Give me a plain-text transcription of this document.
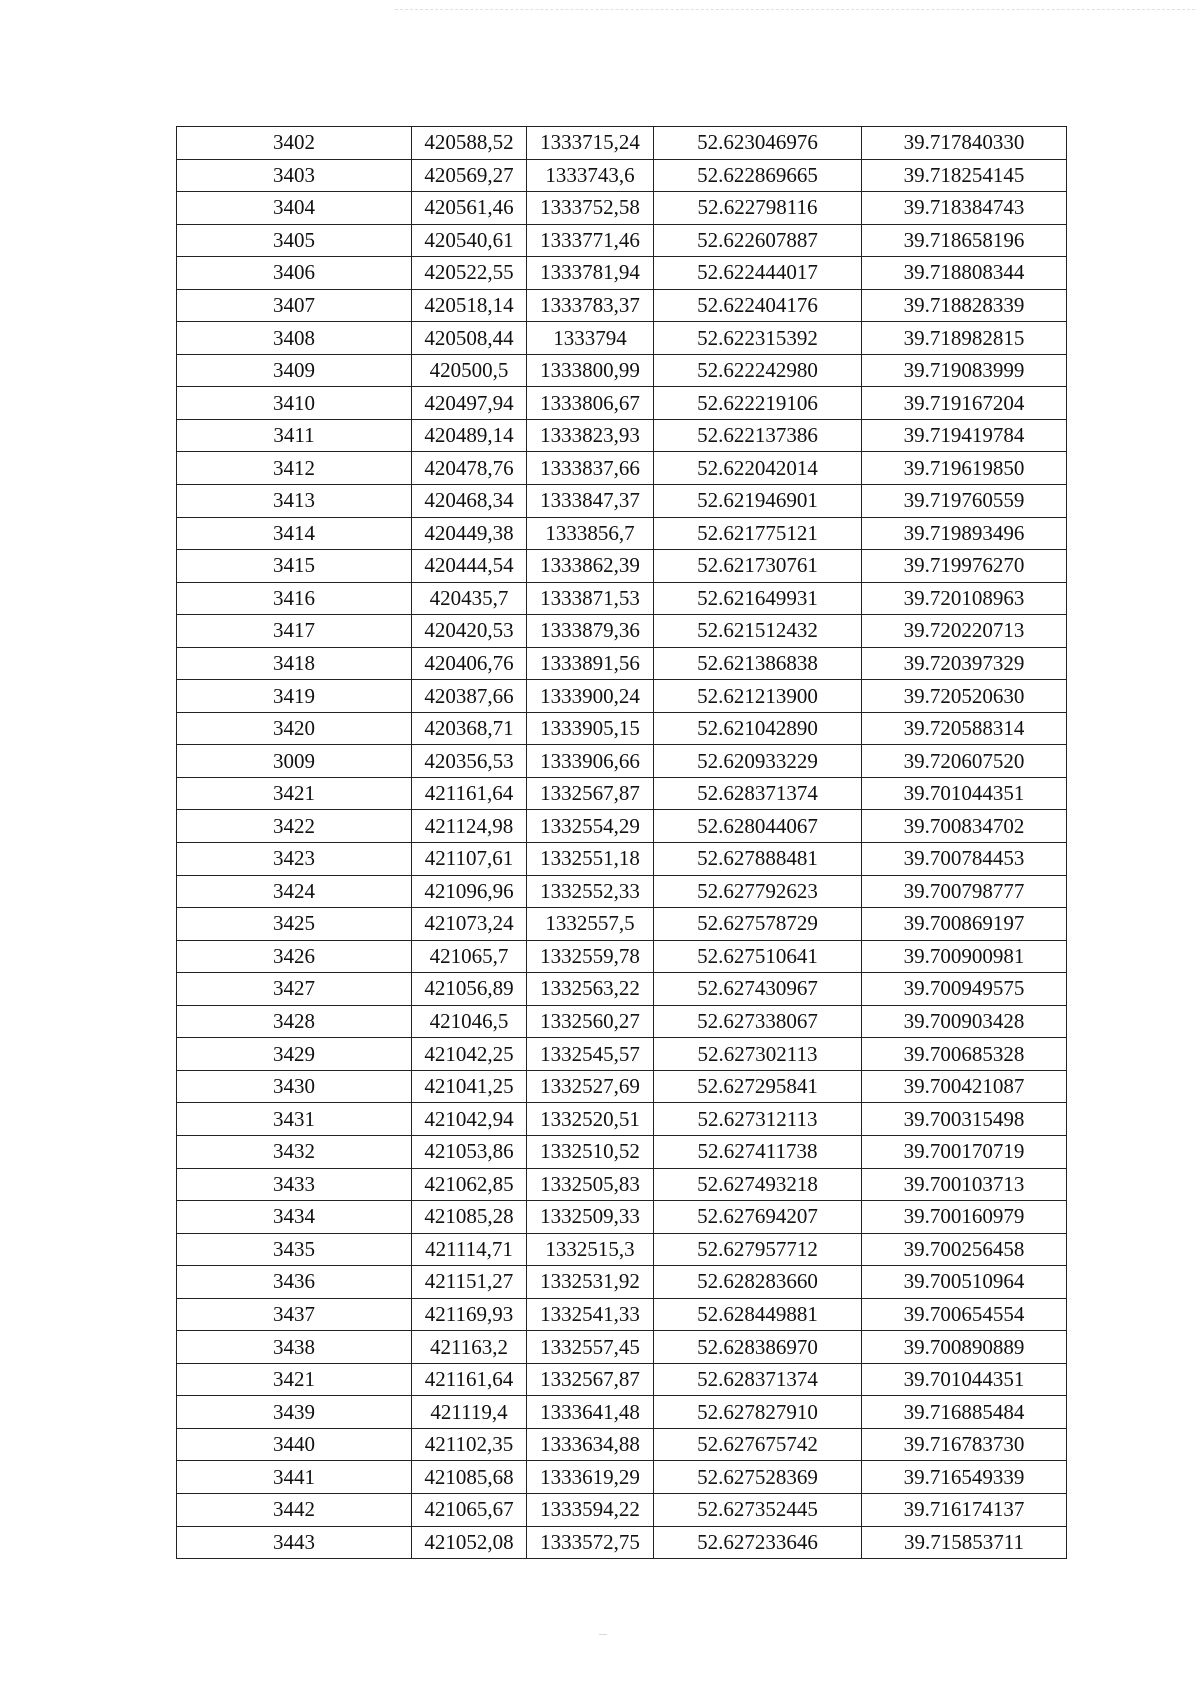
3402	420588,52	1333715,24	52.623046976	39.717840330
3403	420569,27	1333743,6	52.622869665	39.718254145
3404	420561,46	1333752,58	52.622798116	39.718384743
3405	420540,61	1333771,46	52.622607887	39.718658196
3406	420522,55	1333781,94	52.622444017	39.718808344
3407	420518,14	1333783,37	52.622404176	39.718828339
3408	420508,44	1333794	52.622315392	39.718982815
3409	420500,5	1333800,99	52.622242980	39.719083999
3410	420497,94	1333806,67	52.622219106	39.719167204
3411	420489,14	1333823,93	52.622137386	39.719419784
3412	420478,76	1333837,66	52.622042014	39.719619850
3413	420468,34	1333847,37	52.621946901	39.719760559
3414	420449,38	1333856,7	52.621775121	39.719893496
3415	420444,54	1333862,39	52.621730761	39.719976270
3416	420435,7	1333871,53	52.621649931	39.720108963
3417	420420,53	1333879,36	52.621512432	39.720220713
3418	420406,76	1333891,56	52.621386838	39.720397329
3419	420387,66	1333900,24	52.621213900	39.720520630
3420	420368,71	1333905,15	52.621042890	39.720588314
3009	420356,53	1333906,66	52.620933229	39.720607520
3421	421161,64	1332567,87	52.628371374	39.701044351
3422	421124,98	1332554,29	52.628044067	39.700834702
3423	421107,61	1332551,18	52.627888481	39.700784453
3424	421096,96	1332552,33	52.627792623	39.700798777
3425	421073,24	1332557,5	52.627578729	39.700869197
3426	421065,7	1332559,78	52.627510641	39.700900981
3427	421056,89	1332563,22	52.627430967	39.700949575
3428	421046,5	1332560,27	52.627338067	39.700903428
3429	421042,25	1332545,57	52.627302113	39.700685328
3430	421041,25	1332527,69	52.627295841	39.700421087
3431	421042,94	1332520,51	52.627312113	39.700315498
3432	421053,86	1332510,52	52.627411738	39.700170719
3433	421062,85	1332505,83	52.627493218	39.700103713
3434	421085,28	1332509,33	52.627694207	39.700160979
3435	421114,71	1332515,3	52.627957712	39.700256458
3436	421151,27	1332531,92	52.628283660	39.700510964
3437	421169,93	1332541,33	52.628449881	39.700654554
3438	421163,2	1332557,45	52.628386970	39.700890889
3421	421161,64	1332567,87	52.628371374	39.701044351
3439	421119,4	1333641,48	52.627827910	39.716885484
3440	421102,35	1333634,88	52.627675742	39.716783730
3441	421085,68	1333619,29	52.627528369	39.716549339
3442	421065,67	1333594,22	52.627352445	39.716174137
3443	421052,08	1333572,75	52.627233646	39.715853711
